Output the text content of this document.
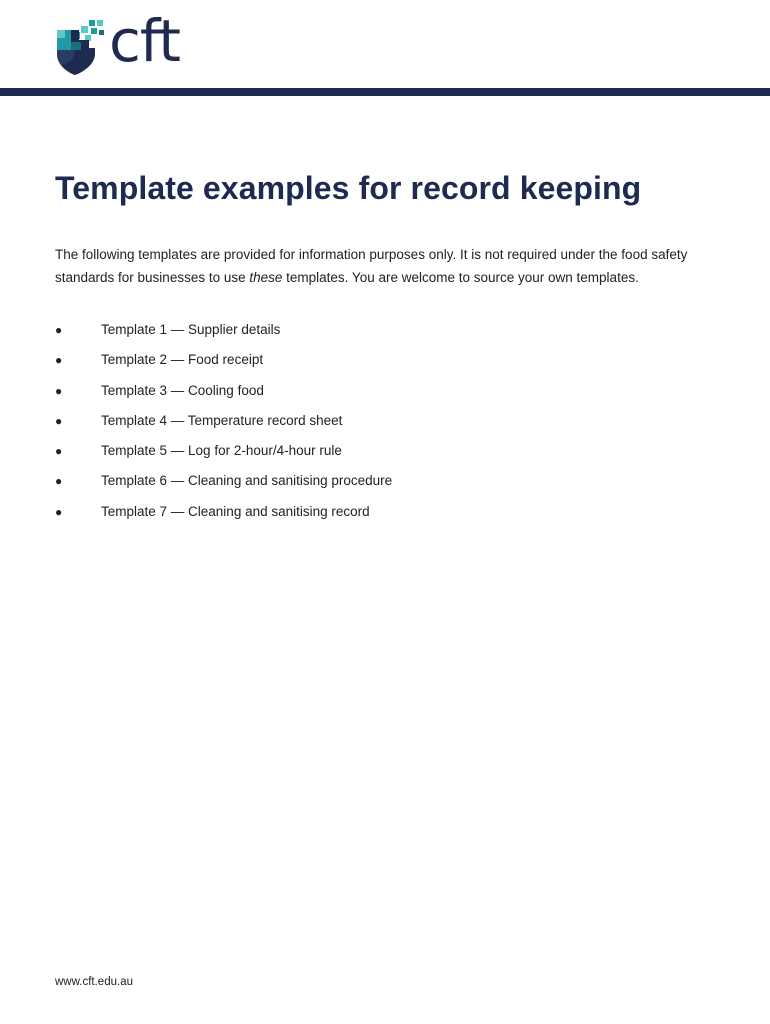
cft
Template examples for record keeping

The following templates are provided for information purposes only. It is not required under the food safety standards for businesses to use these templates. You are welcome to source your own templates.

●	Template 1 — Supplier details
●	Template 2 — Food receipt
●	Template 3 — Cooling food
●	Template 4 — Temperature record sheet
●	Template 5 — Log for 2-hour/4-hour rule
●	Template 6 — Cleaning and sanitising procedure
●	Template 7 — Cleaning and sanitising record
www.cft.edu.au
